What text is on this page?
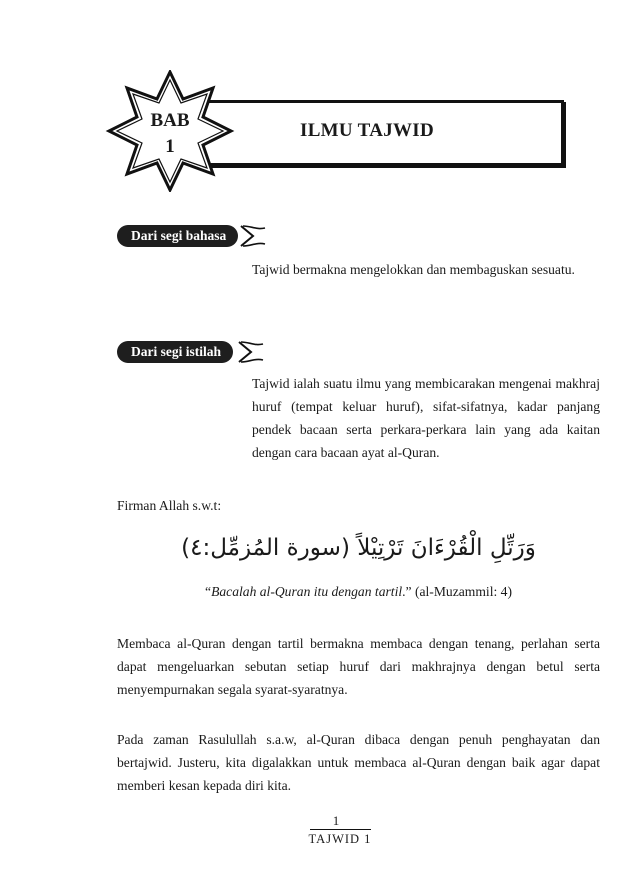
BAB
1
ILMU TAJWID
Dari segi bahasa
Tajwid bermakna mengelokkan dan membaguskan sesuatu.
Dari segi istilah
Tajwid ialah suatu ilmu yang membicarakan mengenai makhraj huruf (tempat keluar huruf), sifat-sifatnya, kadar panjang pendek bacaan serta perkara-perkara lain yang ada kaitan dengan cara bacaan ayat al-Quran.
Firman Allah s.w.t:
وَرَتِّلِ الْقُرْءَانَ تَرْتِيْلاً (سورة المُزمِّل:٤)
“Bacalah al-Quran itu dengan tartil.” (al-Muzammil: 4)
Membaca al-Quran dengan tartil bermakna membaca dengan tenang, perlahan serta dapat mengeluarkan sebutan setiap huruf dari makhrajnya dengan betul serta menyempurnakan segala syarat-syaratnya.
Pada zaman Rasulullah s.a.w, al-Quran dibaca dengan penuh penghayatan dan bertajwid. Justeru, kita digalakkan untuk membaca al-Quran dengan baik agar dapat memberi kesan kepada diri kita.
1
TAJWID 1
